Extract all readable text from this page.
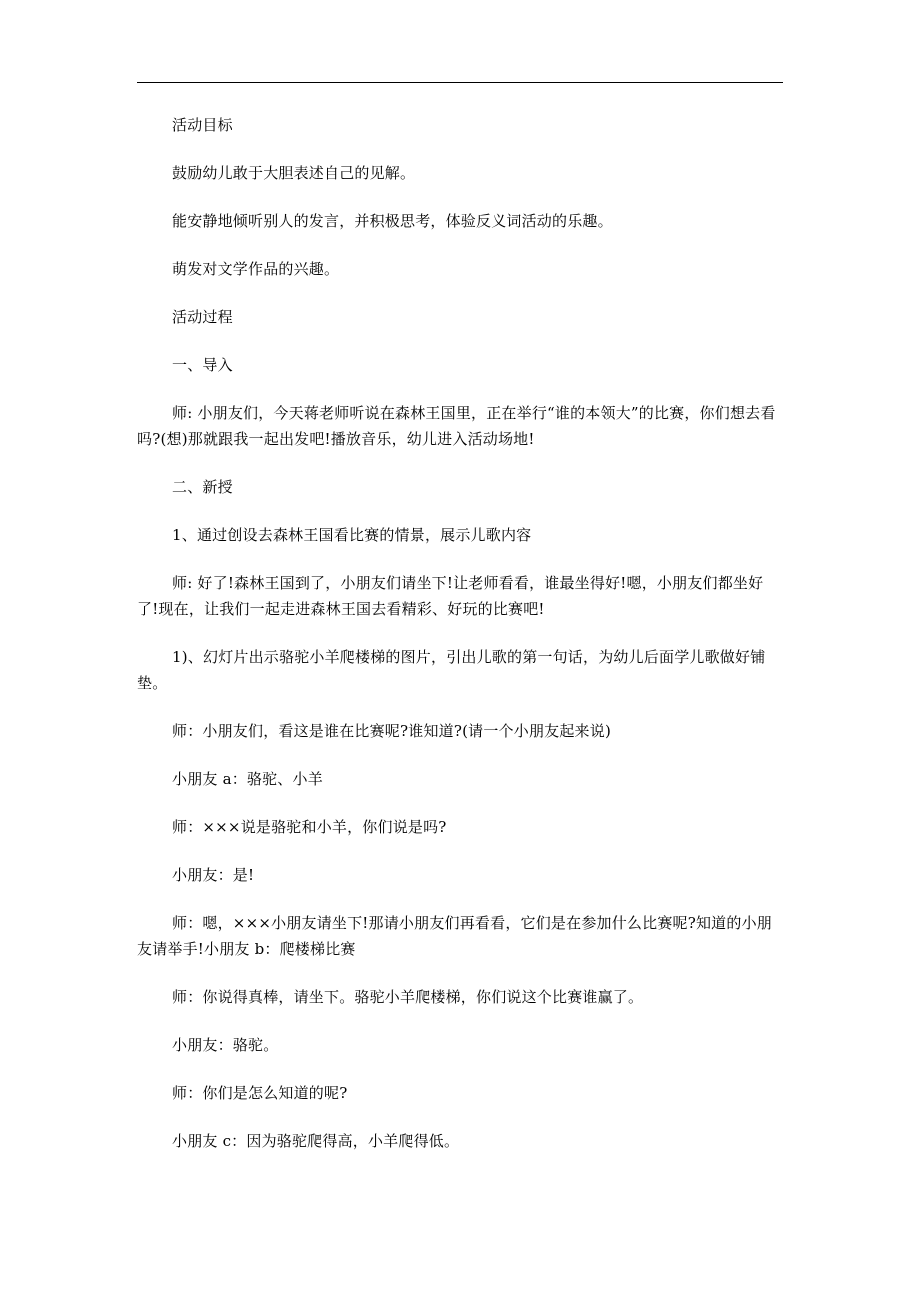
活动目标

鼓励幼儿敢于大胆表述自己的见解。

能安静地倾听别人的发言，并积极思考，体验反义词活动的乐趣。

萌发对文学作品的兴趣。

活动过程

一、导入

师: 小朋友们，今天蒋老师听说在森林王国里，正在举行“谁的本领大”的比赛，你们想去看吗?(想)那就跟我一起出发吧!播放音乐，幼儿进入活动场地!

二、新授

1、通过创设去森林王国看比赛的情景，展示儿歌内容

师: 好了!森林王国到了，小朋友们请坐下!让老师看看，谁最坐得好!嗯，小朋友们都坐好了!现在，让我们一起走进森林王国去看精彩、好玩的比赛吧!

1)、幻灯片出示骆驼小羊爬楼梯的图片，引出儿歌的第一句话，为幼儿后面学儿歌做好铺垫。

师：小朋友们，看这是谁在比赛呢?谁知道?(请一个小朋友起来说)

小朋友 a：骆驼、小羊

师：×××说是骆驼和小羊，你们说是吗?

小朋友：是!

师：嗯，×××小朋友请坐下!那请小朋友们再看看，它们是在参加什么比赛呢?知道的小朋友请举手!小朋友 b：爬楼梯比赛

师：你说得真棒，请坐下。骆驼小羊爬楼梯，你们说这个比赛谁赢了。

小朋友：骆驼。

师：你们是怎么知道的呢?

小朋友 c：因为骆驼爬得高，小羊爬得低。
